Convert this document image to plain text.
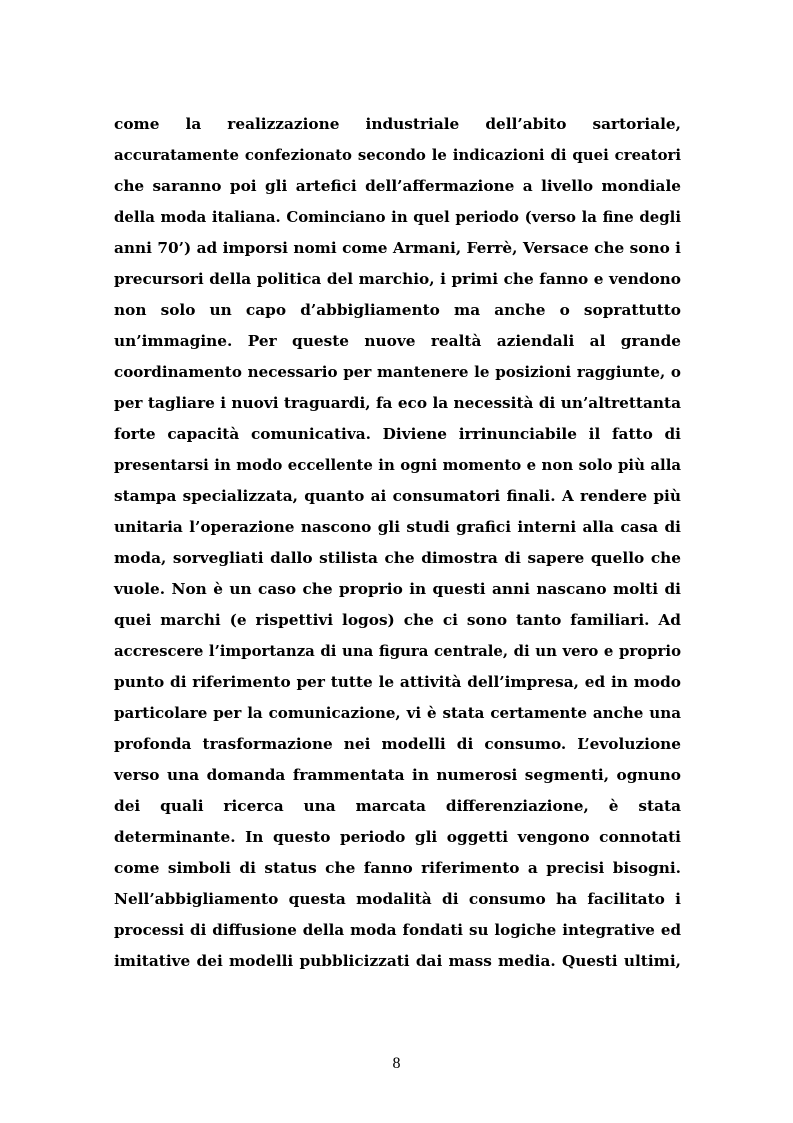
come la realizzazione industriale dell’abito sartoriale,
accuratamente confezionato secondo le indicazioni di quei creatori
che saranno poi gli artefici dell’affermazione a livello mondiale
della moda italiana. Cominciano in quel periodo (verso la fine degli
anni 70’) ad imporsi nomi come Armani, Ferrè, Versace che sono i
precursori della politica del marchio, i primi che fanno e vendono
non solo un capo d’abbigliamento ma anche o soprattutto
un’immagine. Per queste nuove realtà aziendali al grande
coordinamento necessario per mantenere le posizioni raggiunte, o
per tagliare i nuovi traguardi, fa eco la necessità di un’altrettanta
forte capacità comunicativa. Diviene irrinunciabile il fatto di
presentarsi in modo eccellente in ogni momento e non solo più alla
stampa specializzata, quanto ai consumatori finali. A rendere più
unitaria l’operazione nascono gli studi grafici interni alla casa di
moda, sorvegliati dallo stilista che dimostra di sapere quello che
vuole. Non è un caso che proprio in questi anni nascano molti di
quei marchi (e rispettivi logos) che ci sono tanto familiari. Ad
accrescere l’importanza di una figura centrale, di un vero e proprio
punto di riferimento per tutte le attività dell’impresa, ed in modo
particolare per la comunicazione, vi è stata certamente anche una
profonda trasformazione nei modelli di consumo. L’evoluzione
verso una domanda frammentata in numerosi segmenti, ognuno
dei quali ricerca una marcata differenziazione, è stata
determinante. In questo periodo gli oggetti vengono connotati
come simboli di status che fanno riferimento a precisi bisogni.
Nell’abbigliamento questa modalità di consumo ha facilitato i
processi di diffusione della moda fondati su logiche integrative ed
imitative dei modelli pubblicizzati dai mass media. Questi ultimi,
8
